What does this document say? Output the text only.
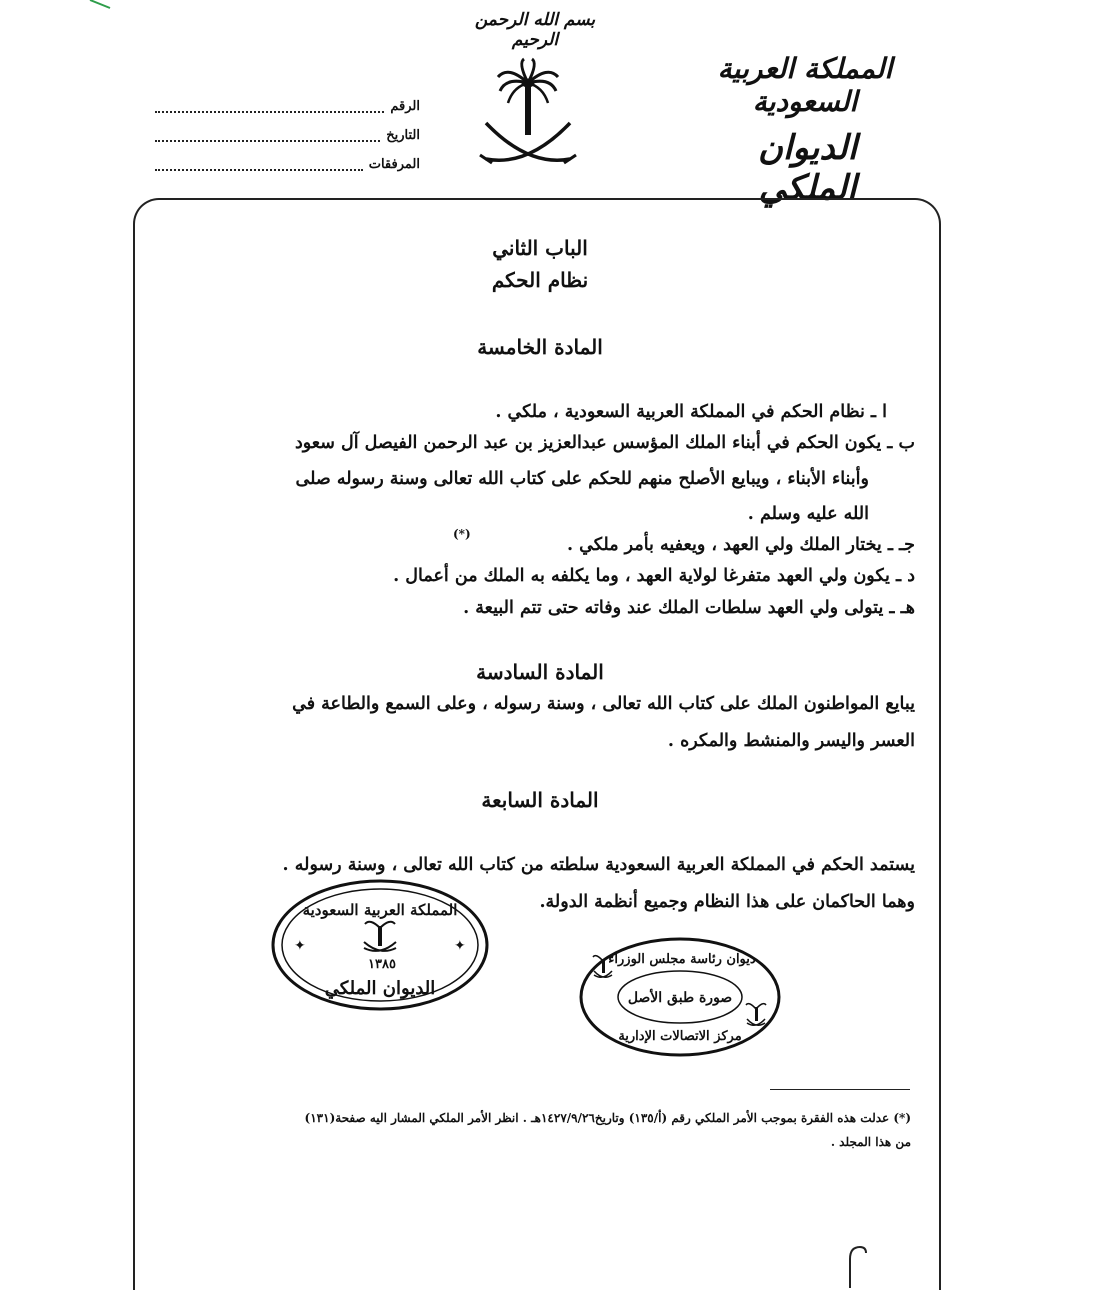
بسم الله الرحمن الرحيم
المملكة العربية السعودية
الديوان الملكي
الرقم
التاريخ
المرفقات
الباب الثاني
نظام الحكم
المادة الخامسة
ا ـ نظام الحكم في المملكة العربية السعودية ، ملكي .
ب ـ يكون الحكم في أبناء الملك المؤسس عبدالعزيز بن عبد الرحمن الفيصل آل سعود
وأبناء الأبناء ، ويبايع الأصلح منهم للحكم على كتاب الله تعالى وسنة رسوله صلى
الله عليه وسلم .
(*)
جـ ـ يختار الملك ولي العهد ، ويعفيه بأمر ملكي .
د ـ يكون ولي العهد متفرغا لولاية العهد ، وما يكلفه به الملك من أعمال .
هـ ـ يتولى ولي العهد سلطات الملك عند وفاته حتى تتم البيعة .
المادة السادسة
يبايع المواطنون الملك على كتاب الله تعالى ، وسنة رسوله ، وعلى السمع والطاعة في
العسر واليسر والمنشط والمكره .
المادة السابعة
يستمد الحكم في المملكة العربية السعودية سلطته من كتاب الله تعالى ، وسنة رسوله .
وهما الحاكمان على هذا النظام وجميع أنظمة الدولة.
المملكة العربية السعودية
١٣٨٥
الديوان الملكي
✦	✦
ديوان رئاسة مجلس الوزراء
صورة طبق الأصل
مركز الاتصالات الإدارية
(*) عدلت هذه الفقرة بموجب الأمر الملكي رقم (أ/١٣٥) وتاريخ١٤٢٧/٩/٢٦هـ . انظر الأمر الملكي المشار اليه صفحة(١٣١)
من هذا المجلد .
